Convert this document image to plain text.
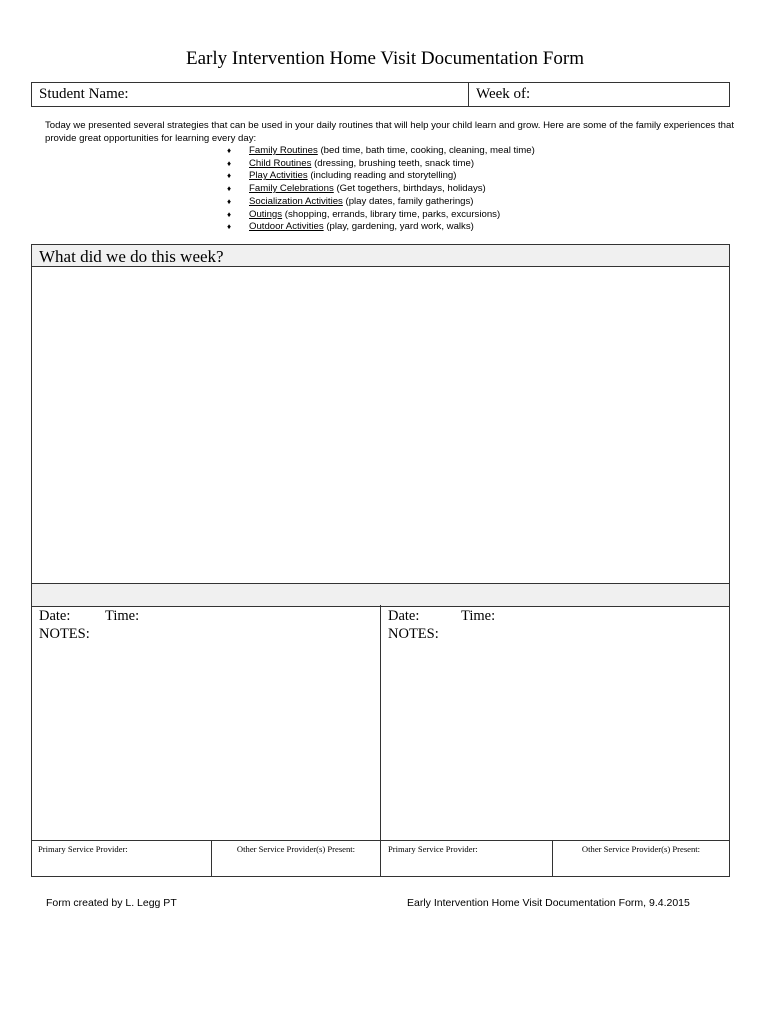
Early Intervention Home Visit Documentation Form
Student Name:	Week of:

Today we presented several strategies that can be used in your daily routines that will help your child learn and grow. Here are some of the family experiences that provide great opportunities for learning every day:

♦ Family Routines (bed time, bath time, cooking, cleaning, meal time)
♦ Child Routines (dressing, brushing teeth, snack time)
♦ Play Activities (including reading and storytelling)
♦ Family Celebrations (Get togethers, birthdays, holidays)
♦ Socialization Activities (play dates, family gatherings)
♦ Outings (shopping, errands, library time, parks, excursions)
♦ Outdoor Activities (play, gardening, yard work, walks)
What did we do this week?
Date: Time:
NOTES:
Date:	Time:
NOTES:
Primary Service Provider:	Other Service Provider(s) Present:	Primary Service Provider:	Other Service Provider(s) Present:
Form created by L. Legg PT	Early Intervention Home Visit Documentation Form, 9.4.2015
